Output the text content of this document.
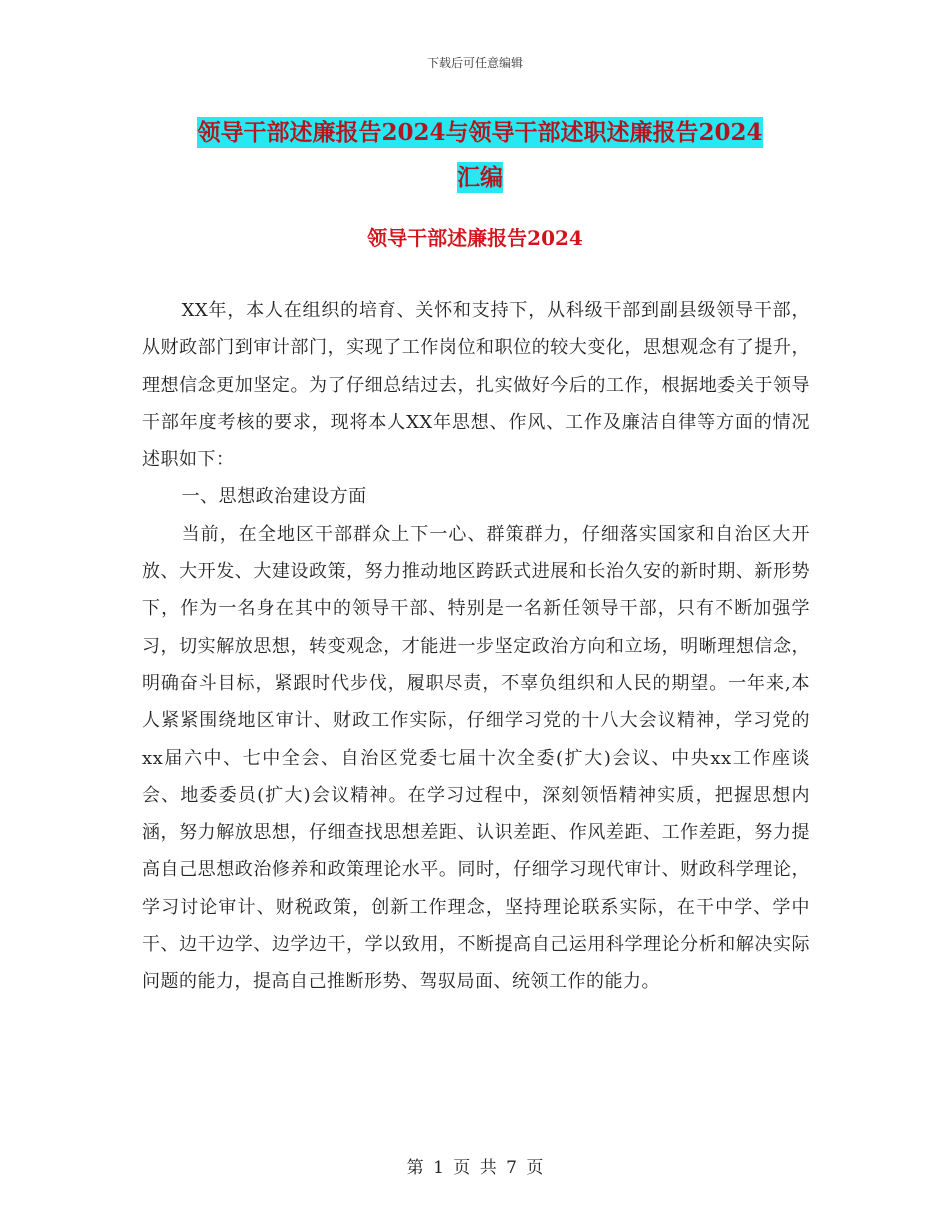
下载后可任意编辑
领导干部述廉报告2024与领导干部述职述廉报告2024
汇编
领导干部述廉报告2024

XX年，本人在组织的培育、关怀和支持下，从科级干部到副县级领导干部，从财政部门到审计部门，实现了工作岗位和职位的较大变化，思想观念有了提升，理想信念更加坚定。为了仔细总结过去，扎实做好今后的工作，根据地委关于领导干部年度考核的要求，现将本人XX年思想、作风、工作及廉洁自律等方面的情况述职如下：

一、思想政治建设方面

当前，在全地区干部群众上下一心、群策群力，仔细落实国家和自治区大开放、大开发、大建设政策，努力推动地区跨跃式进展和长治久安的新时期、新形势下，作为一名身在其中的领导干部、特别是一名新任领导干部，只有不断加强学习，切实解放思想，转变观念，才能进一步坚定政治方向和立场，明晰理想信念，明确奋斗目标，紧跟时代步伐，履职尽责，不辜负组织和人民的期望。一年来,本人紧紧围绕地区审计、财政工作实际，仔细学习党的十八大会议精神，学习党的xx届六中、七中全会、自治区党委七届十次全委(扩大)会议、中央xx工作座谈会、地委委员(扩大)会议精神。在学习过程中，深刻领悟精神实质，把握思想内涵，努力解放思想，仔细查找思想差距、认识差距、作风差距、工作差距，努力提高自己思想政治修养和政策理论水平。同时，仔细学习现代审计、财政科学理论，学习讨论审计、财税政策，创新工作理念，坚持理论联系实际，在干中学、学中干、边干边学、边学边干，学以致用，不断提高自己运用科学理论分析和解决实际问题的能力，提高自己推断形势、驾驭局面、统领工作的能力。

第 1 页 共 7 页
